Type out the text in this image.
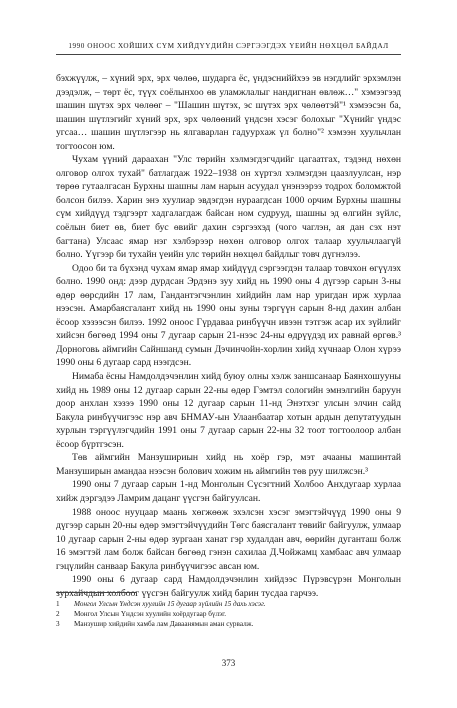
1990 ОНООС ХОЙШИХ СҮМ ХИЙДҮҮДИЙН СЭРГЭЭГДЭХ ҮЕИЙН НӨХЦӨЛ БАЙДАЛ

бэхжүүлж, – хүний эрх, эрх чөлөө, шударга ёс, үндэсниййхээ эв нэгдлийг эрхэмлэн дээдэлж, – төрт ёс, түүх соёлынхоо өв уламжлалыг нандигнан өвлөж…" хэмээгээд шашин шүтэх эрх чөлөөг – "Шашин шүтэх, эс шүтэх эрх чөлөөтэй"¹ хэмээсэн ба, шашин шүтлэгийг хүний эрх, эрх чөлөөний үндсэн хэсэг болохыг "Хүнийг үндэс угсаа… шашин шүтлэгээр нь ялгаварлан гадуурхаж үл болно"² хэмээн хуульчлан тогтоосон юм.

Чухам үүний дараахан "Улс төрийн хэлмэгдэгчдийг цагаатгах, тэдэнд нөхөн олговор олгох тухай" батлагдаж 1922–1938 он хүртэл хэлмэгдэн цаазлуулсан, нэр төрөө гутаалгасан Бурхны шашны лам нарын асуудал үнэнээрээ тодрох боломжтой болсон билээ. Харин энэ хуулиар эвдэгдэн нураагдсан 1000 орчим Бурхны шашны сүм хийдүүд тэдгээрт хадгалагдаж байсан ном судрууд, шашны эд өлгийн зүйлс, соёлын биет өв, биет бус өвийг дахин сэргээхэд (чого чаглэн, ая дан сэх нэт багтана) Улсаас ямар нэг хэлбэрээр нөхөн олговор олгох талаар хуульчлаагүй болно. Үүгээр би тухайн үеийн улс төрийн нөхцөл байдлыг товч дүгнэлээ.

Одоо би та бүхэнд чухам ямар ямар хийдүүд сэргээгдэн талаар товчхон өгүүлэх болно. 1990 онд: дээр дурдсан Эрдэнэ зуу хийд нь 1990 оны 4 дүгээр сарын 3-ны өдөр өөрсдийн 17 лам, Гандантэгчэнлин хийдийн лам нар уригдан ирж хурлаа нээсэн. Амарбаясгалант хийд нь 1990 оны зуны тэргүүн сарын 8-нд дахин албан ёсоор хэзээсэн билээ. 1992 оноос Гүрдаваа ринбүүчн ивээн тэтгэж асар их зүйлийг хийсэн бөгөөд 1994 оны 7 дугаар сарын 21-нээс 24-ны өдрүүдэд их равнай өргөв.³ Дорноговь аймгийн Сайншанд сумын Дэчинчойн-хорлин хийд хүчнаар Олон хүрээ 1990 оны 6 дугаар сард нээгдсэн.

Нимаба ёсны Намдолдэчэнлин хийд буюу олны хэлж заншсанаар Баянхошууны хийд нь 1989 оны 12 дугаар сарын 22-ны өдөр Гэмтэл сологийн эмнэлгийн баруун доор анхлан хэзээ 1990 оны 12 дугаар сарын 11-нд Энэтхэг улсын элчин сайд Бакула ринбүүчигээс нэр авч БНМАУ-ын Улаанбаатар хотын ардын депутатуудын хурлын тэргүүлэгчдийн 1991 оны 7 дугаар сарын 22-ны 32 тоот тогтоолоор албан ёсоор бүртгэсэн.

Төв аймгийн Манзушириын хийд нь хоёр гэр, мэт ачааны машинтай Манзуширын амандаа нээсэн болович хожим нь аймгийн төв руу шилжсэн.³

1990 оны 7 дугаар сарын 1-нд Монголын Сүсэгтний Холбоо Анхдугаар хурлаа хийж дэргэдээ Ламрим дацанг үүсгэн байгуулсан.

1988 оноос нууцаар маань хөгжөөж эхэлсэн хэсэг эмэгтэйчүүд 1990 оны 9 дүгээр сарын 20-ны өдөр эмэгтэйчүүдийн Төгс баясгалант төвийг байгуулж, улмаар 10 дугаар сарын 2-ны өдөр зургаан ханат гэр худалдан авч, өөрийн дуганташ болж 16 эмэгтэй лам болж байсан бөгөөд гэнэн сахилаа Д.Чойжамц хамбаас авч улмаар гэцүлийн санваар Бакула ринбүүчигээс авсан юм.

1990 оны 6 дугаар сард Намдолдэчэнлин хийдээс Пүрэвсүрэн Монголын зурхайчдын холбоог үүсгэн байгуулж хийд барин тусдаа гарчээ.

1 Монгол Улсын Үндсэн хуулийн 15 дугаар зүйлийн 15 дахь хэсэг.
2 Монгол Улсын Үндсэн хуулийн хоёрдугаар бүлэг.
3 Манзушир хийдийн хамба лам Даваанямын аман сурвалж.
373
